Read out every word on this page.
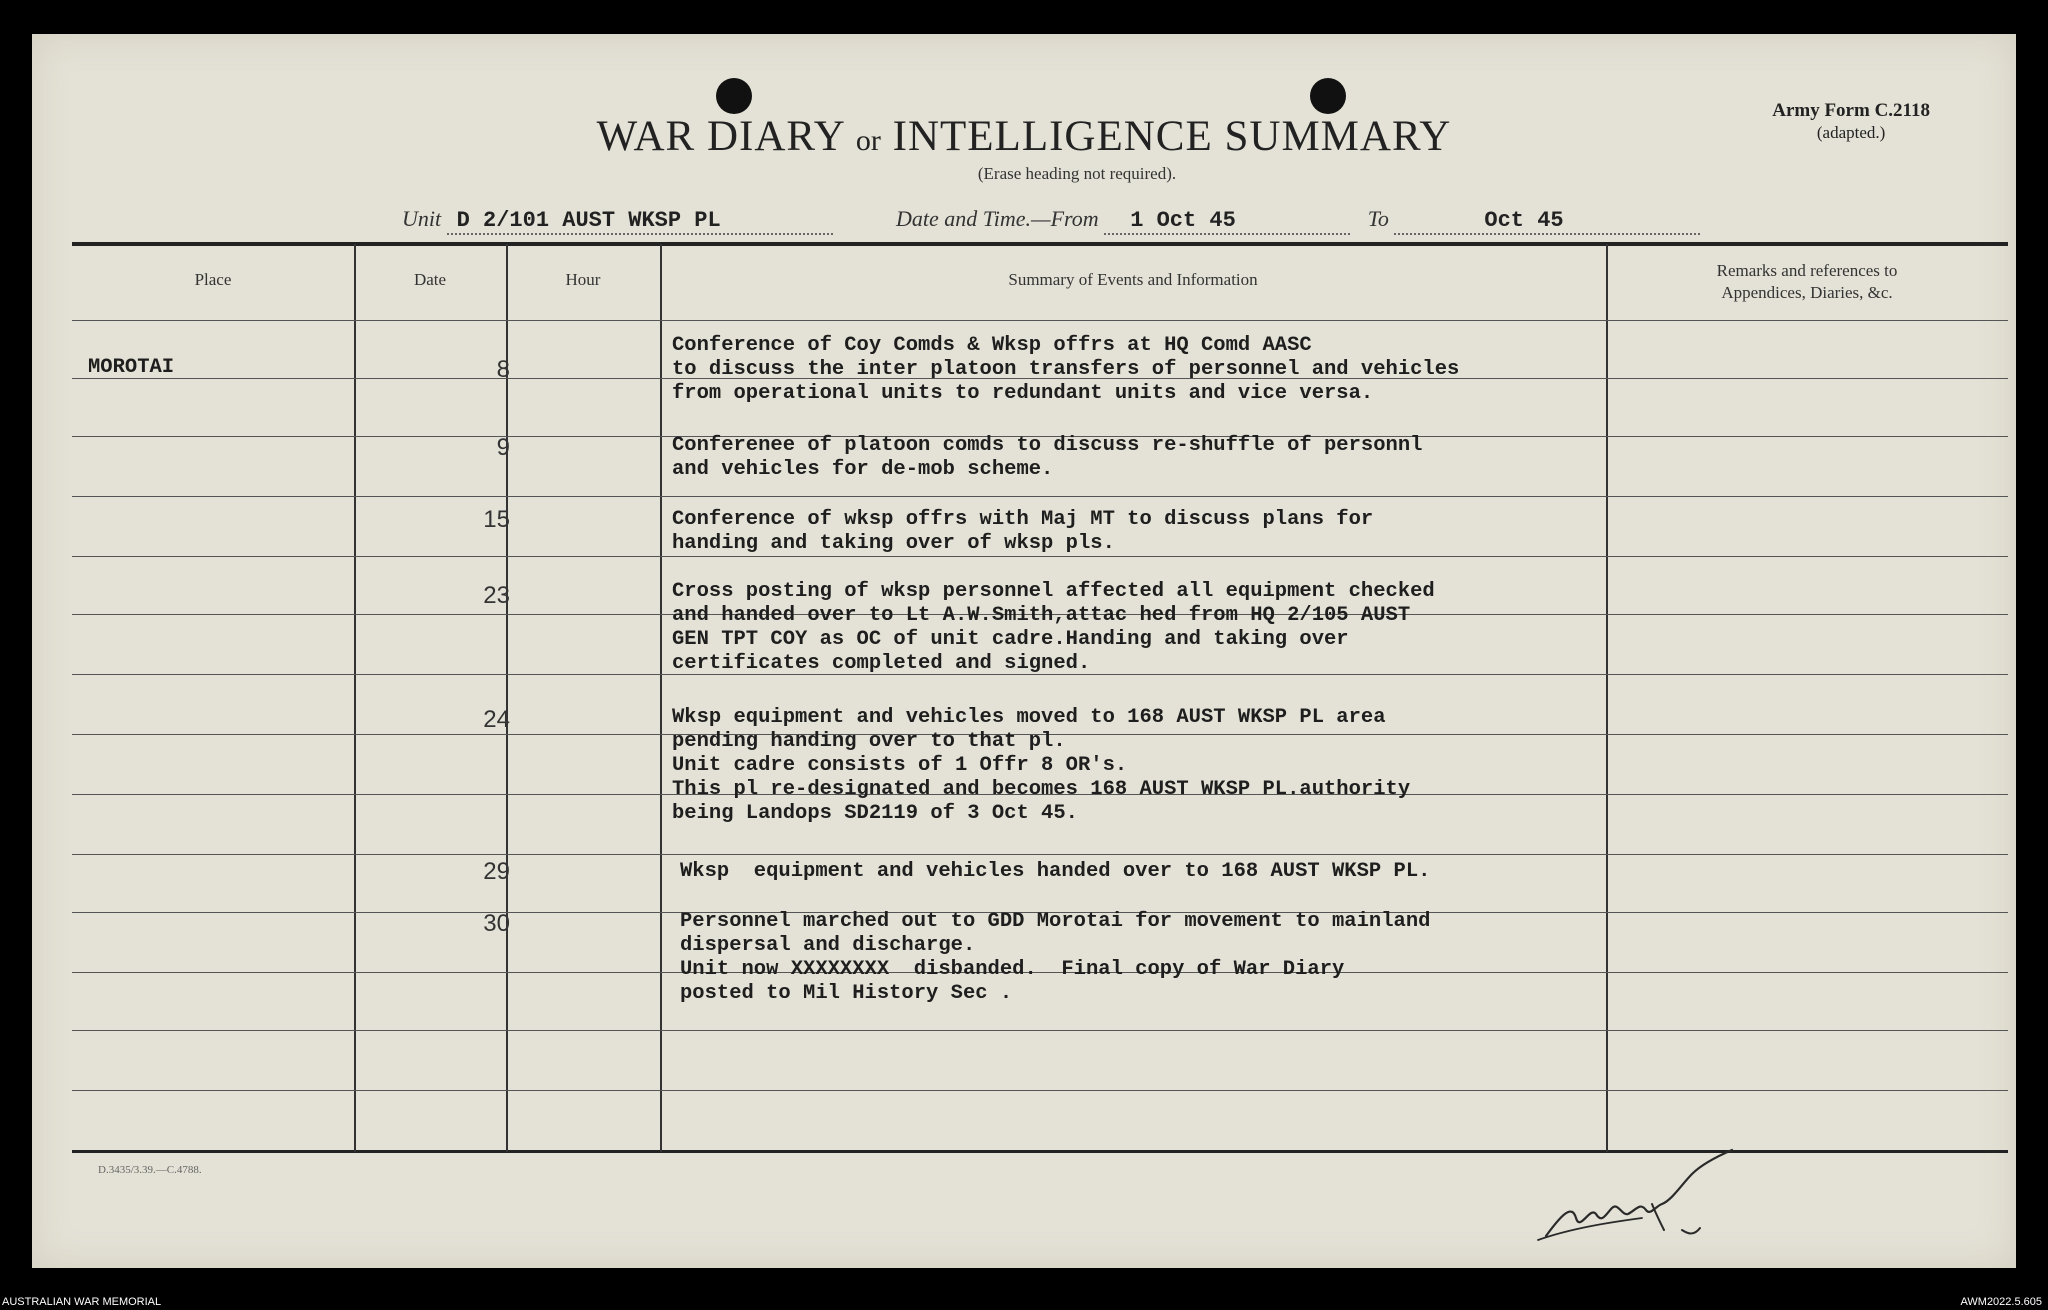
WAR DIARY or INTELLIGENCE SUMMARY
(Erase heading not required).
Army Form C.2118
(adapted.)
Unit D 2/101 AUST WKSP PL	Date and Time.—From 1 Oct 45	To	Oct 45
Place	Date	Hour	Summary of Events and Information	Remarks and references to
Appendices, Diaries, &c.
MOROTAI	8
Conference of Coy Comds & Wksp offrs at HQ Comd AASC
to discuss the inter platoon transfers of personnel and vehicles
from operational units to redundant units and vice versa.
9	Conferenee of platoon comds to discuss re-shuffle of personnl
and vehicles for de-mob scheme.
15	Conference of wksp offrs with Maj MT to discuss plans for
handing and taking over of wksp pls.
23	Cross posting of wksp personnel affected all equipment checked
and handed over to Lt A.W.Smith,attac hed from HQ 2/105 AUST
GEN TPT COY as OC of unit cadre.Handing and taking over
certificates completed and signed.
24	Wksp equipment and vehicles moved to 168 AUST WKSP PL area
pending handing over to that pl.
Unit cadre consists of 1 Offr 8 OR's.
This pl re-designated and becomes 168 AUST WKSP PL.authority
being Landops SD2119 of 3 Oct 45.
29	Wksp  equipment and vehicles handed over to 168 AUST WKSP PL.
30	Personnel marched out to GDD Morotai for movement to mainland
dispersal and discharge.
Unit now XXXXXXXX  disbanded.  Final copy of War Diary
posted to Mil History Sec .
D.3435/3.39.—C.4788.
AUSTRALIAN WAR MEMORIAL	AWM2022.5.605
